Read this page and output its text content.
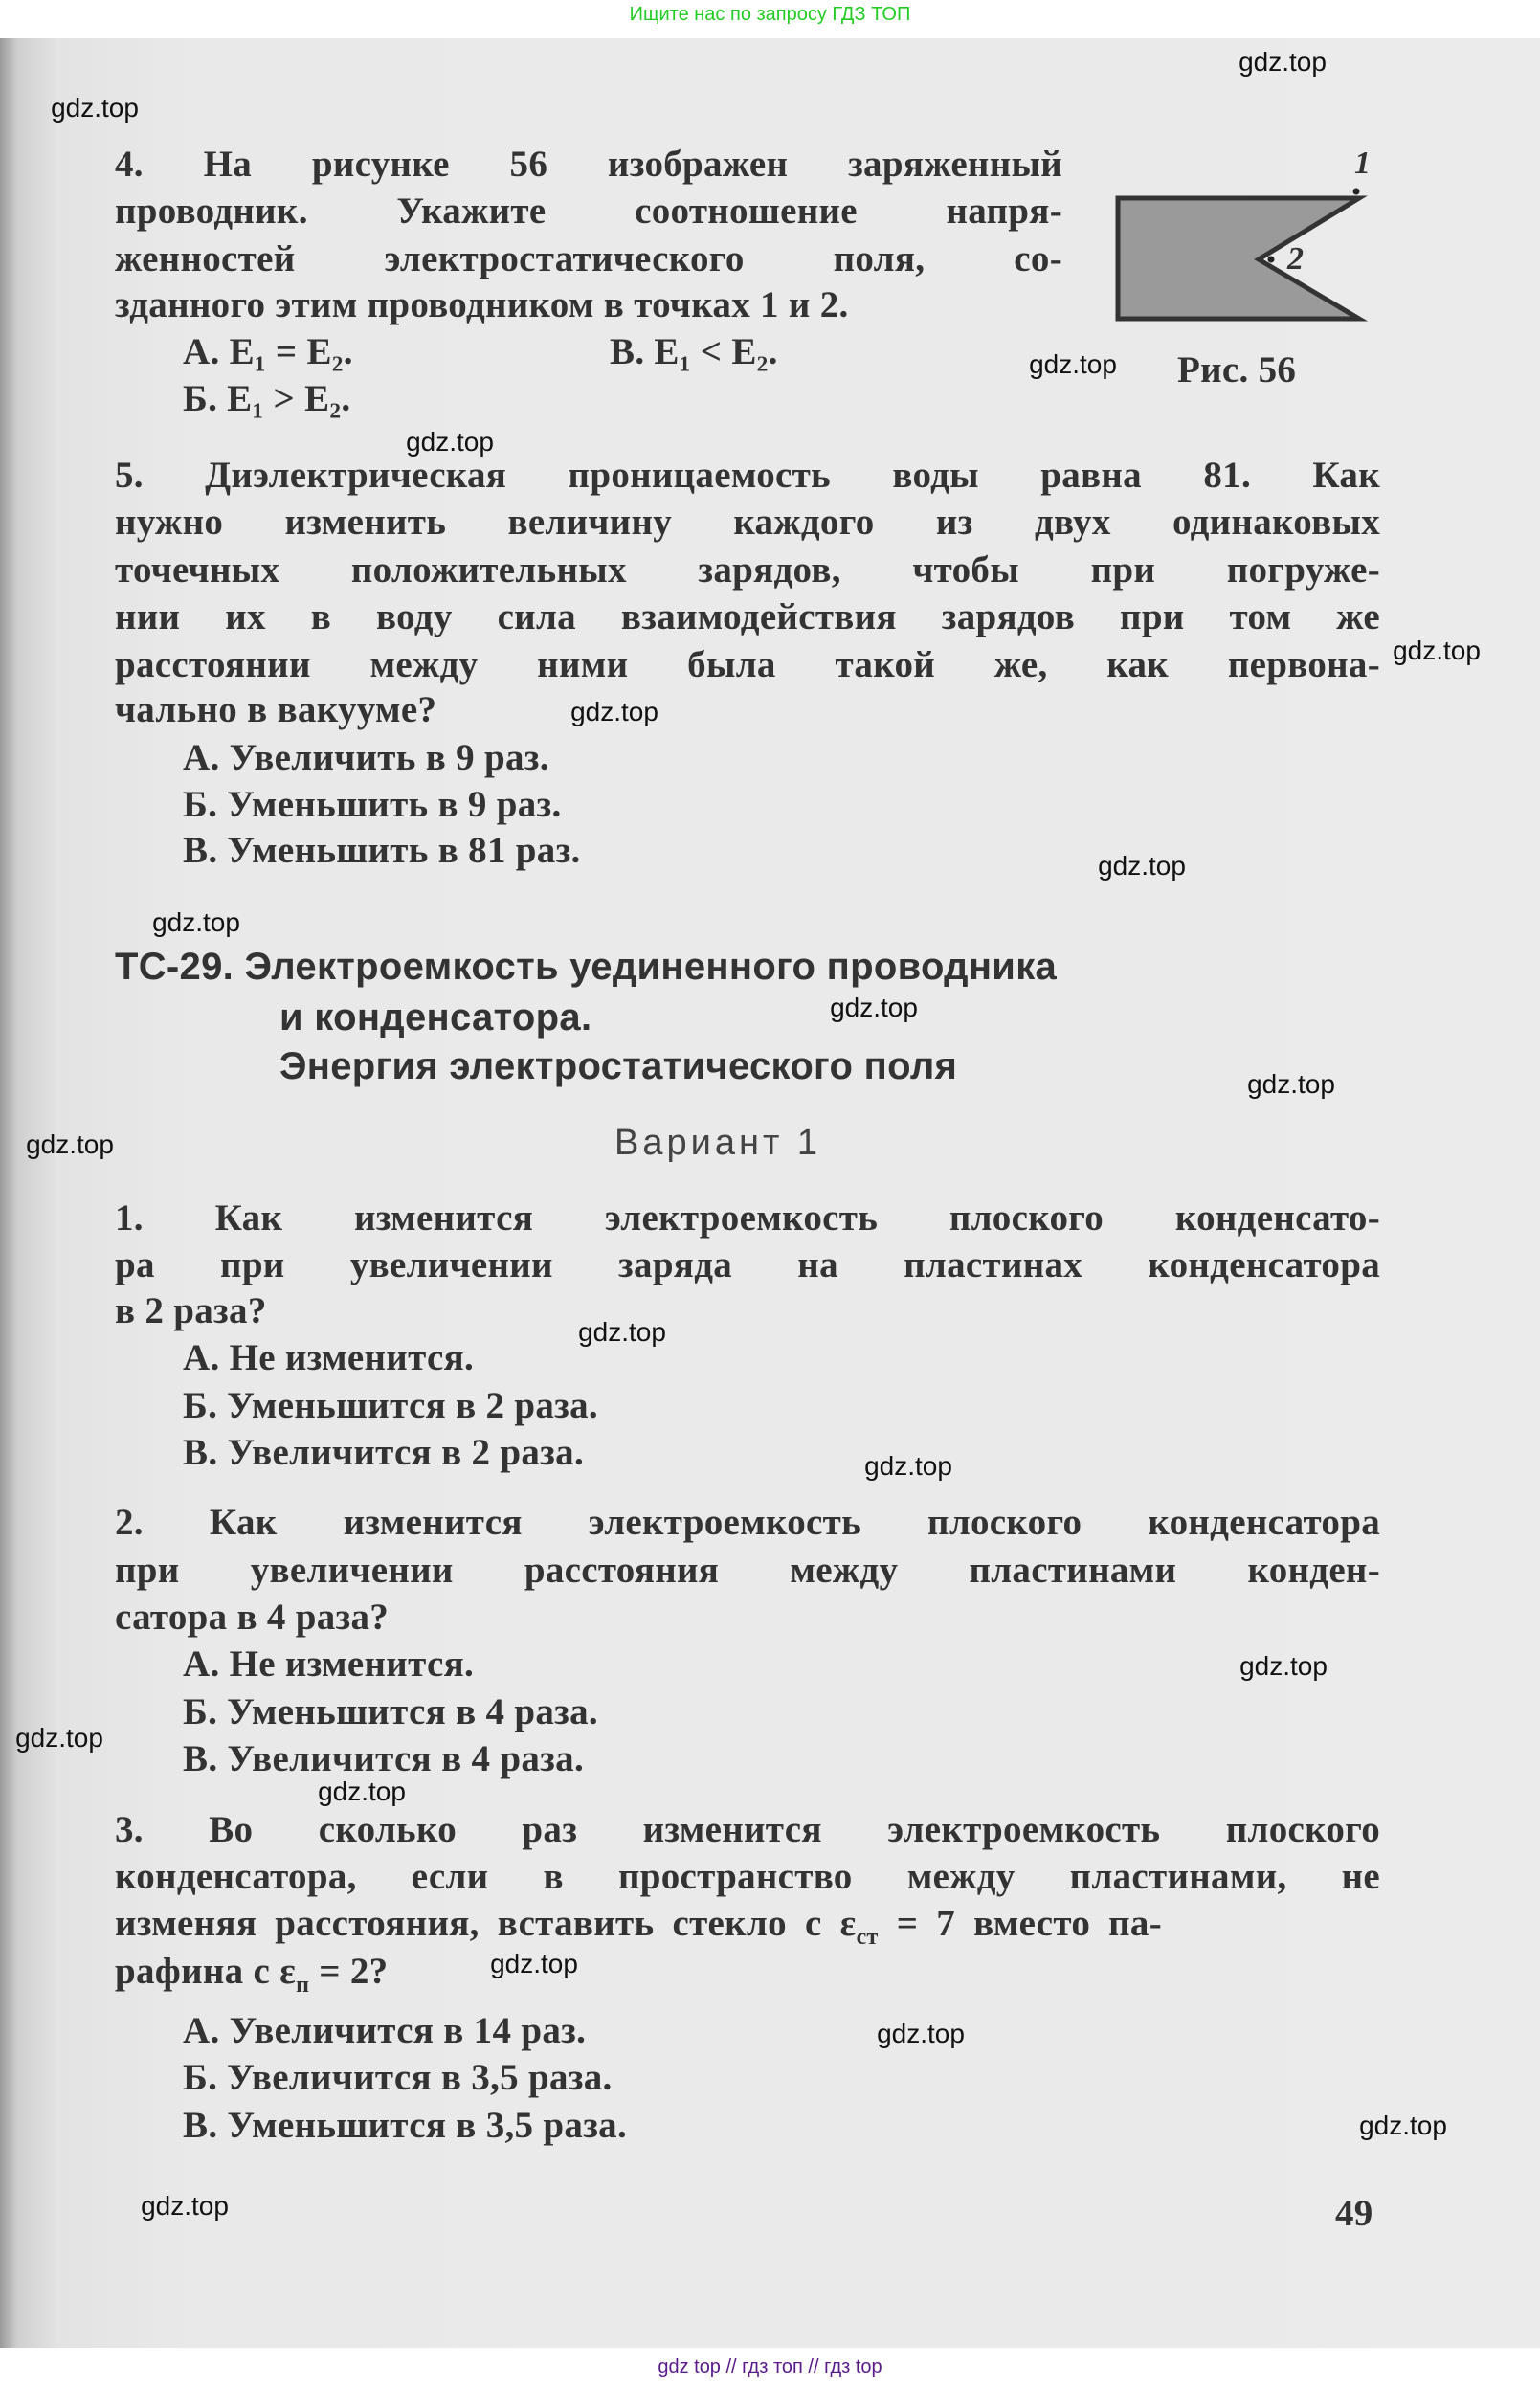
Ищите нас по запросу ГДЗ ТОП
4. На рисунке 56 изображен заряженный
проводник. Укажите соотношение напря-
женностей электростатического поля, со-
зданного этим проводником в точках 1 и 2.
А. E₁ = E₂.	В. E₁ < E₂.
Б. E₁ > E₂.
1
2
Рис. 56
5. Диэлектрическая проницаемость воды равна 81. Как
нужно изменить величину каждого из двух одинаковых
точечных положительных зарядов, чтобы при погруже-
нии их в воду сила взаимодействия зарядов при том же
расстоянии между ними была такой же, как первона-
чально в вакууме?
А. Увеличить в 9 раз.
Б. Уменьшить в 9 раз.
В. Уменьшить в 81 раз.
ТС-29. Электроемкость уединенного проводника
и конденсатора.
Энергия электростатического поля
Вариант 1
1. Как изменится электроемкость плоского конденсато-
ра при увеличении заряда на пластинах конденсатора
в 2 раза?
А. Не изменится.
Б. Уменьшится в 2 раза.
В. Увеличится в 2 раза.
2. Как изменится электроемкость плоского конденсатора
при увеличении расстояния между пластинами конден-
сатора в 4 раза?
А. Не изменится.
Б. Уменьшится в 4 раза.
В. Увеличится в 4 раза.
3. Во сколько раз изменится электроемкость плоского
конденсатора, если в пространство между пластинами, не
изменяя расстояния, вставить стекло с $\varepsilon_{ст} = 7$ вместо па-
рафина с $\varepsilon_п = 2$?
А. Увеличится в 14 раз.
Б. Увеличится в 3,5 раза.
В. Уменьшится в 3,5 раза.
49
gdz.top
gdz.top
gdz.top
gdz.top
gdz.top
gdz.top
gdz.top
gdz.top
gdz.top
gdz.top
gdz.top
gdz.top
gdz.top
gdz.top
gdz.top
gdz.top
gdz.top
gdz.top
gdz.top
gdz.top
gdz top // гдз топ // гдз top
